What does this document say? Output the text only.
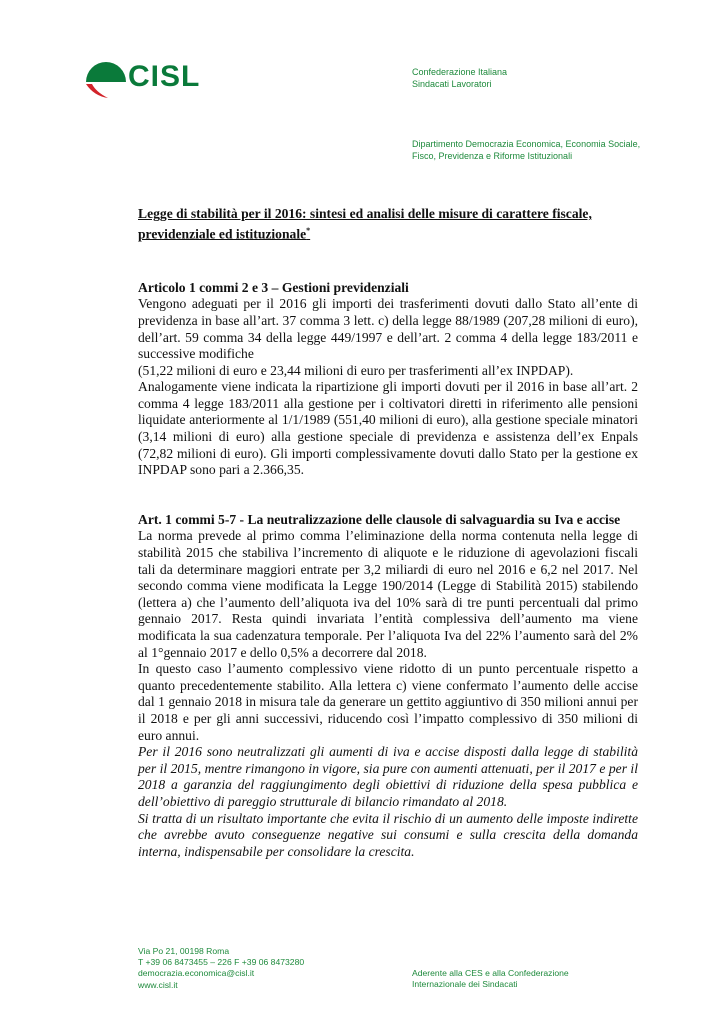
CISL	Confederazione Italiana
Sindacati Lavoratori
Dipartimento Democrazia Economica, Economia Sociale,
Fisco, Previdenza e Riforme Istituzionali

Legge di stabilità per il 2016: sintesi ed analisi delle misure di carattere fiscale, previdenziale ed istituzionale*

Articolo 1 commi 2 e 3 ‒ Gestioni previdenziali

Vengono adeguati per il 2016 gli importi dei trasferimenti dovuti dallo Stato all’ente di previdenza in base all’art. 37 comma 3 lett. c) della legge 88/1989 (207,28 milioni di euro), dell’art. 59 comma 34 della legge 449/1997 e dell’art. 2 comma 4 della legge 183/2011 e successive modifiche

(51,22 milioni di euro e 23,44 milioni di euro per trasferimenti all’ex INPDAP).

Analogamente viene indicata la ripartizione gli importi dovuti per il 2016 in base all’art. 2 comma 4 legge 183/2011 alla gestione per i coltivatori diretti in riferimento alle pensioni liquidate anteriormente al 1/1/1989 (551,40 milioni di euro), alla gestione speciale minatori (3,14 milioni di euro) alla gestione speciale di previdenza e assistenza dell’ex Enpals (72,82 milioni di euro). Gli importi complessivamente dovuti dallo Stato per la gestione ex INPDAP sono pari a 2.366,35.

Art. 1 commi 5-7 - La neutralizzazione delle clausole di salvaguardia su Iva e accise

La norma prevede al primo comma l’eliminazione della norma contenuta nella legge di stabilità 2015 che stabiliva l’incremento di aliquote e le riduzione di agevolazioni fiscali tali da determinare maggiori entrate per 3,2 miliardi di euro nel 2016 e 6,2 nel 2017. Nel secondo comma viene modificata la Legge 190/2014 (Legge di Stabilità 2015) stabilendo (lettera a) che l’aumento dell’aliquota iva del 10% sarà di tre punti percentuali dal primo gennaio 2017. Resta quindi invariata l’entità complessiva dell’aumento ma viene modificata la sua cadenzatura temporale. Per l’aliquota Iva del 22% l’aumento sarà del 2% al 1°gennaio 2017 e dello 0,5% a decorrere dal 2018.

In questo caso l’aumento complessivo viene ridotto di un punto percentuale rispetto a quanto precedentemente stabilito. Alla lettera c) viene confermato l’aumento delle accise dal 1 gennaio 2018 in misura tale da generare un gettito aggiuntivo di 350 milioni annui per il 2018 e per gli anni successivi, riducendo così l’impatto complessivo di 350 milioni di euro annui.

Per il 2016 sono neutralizzati gli aumenti di iva e accise disposti dalla legge di stabilità per il 2015, mentre rimangono in vigore, sia pure con aumenti attenuati, per il 2017 e per il 2018 a garanzia del raggiungimento degli obiettivi di riduzione della spesa pubblica e dell’obiettivo di pareggio strutturale di bilancio rimandato al 2018.

Si tratta di un risultato importante che evita il rischio di un aumento delle imposte indirette che avrebbe avuto conseguenze negative sui consumi e sulla crescita della domanda interna, indispensabile per consolidare la crescita.

Via Po 21, 00198 Roma
T +39 06 8473455 ‒ 226 F +39 06 8473280
democrazia.economica@cisl.it
www.cisl.it
Aderente alla CES e alla Confederazione
Internazionale dei Sindacati
